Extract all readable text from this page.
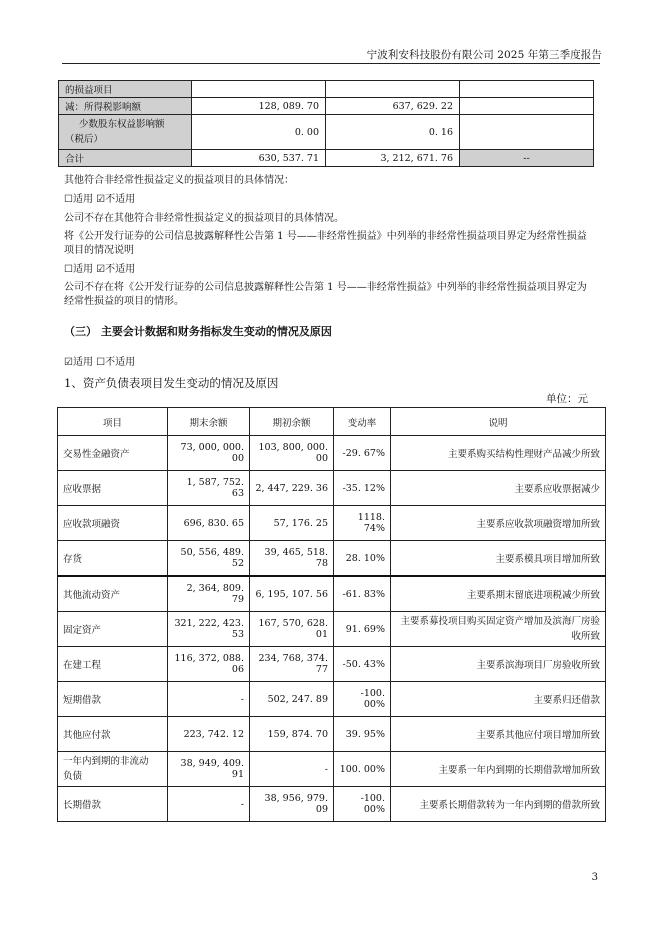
宁波利安科技股份有限公司 2025 年第三季度报告
的损益项目			
减：所得税影响额	128, 089. 70	637, 629. 22	

少数股东权益影响额
（税后）	0. 00	0. 16	
合计	630, 537. 71	3, 212, 671. 76	--
其他符合非经常性损益定义的损益项目的具体情况：
☐适用 ☑不适用
公司不存在其他符合非经常性损益定义的损益项目的具体情况。
将《公开发行证券的公司信息披露解释性公告第 1 号——非经常性损益》中列举的非经常性损益项目界定为经常性损益
项目的情况说明
☐适用 ☑不适用
公司不存在将《公开发行证券的公司信息披露解释性公告第 1 号——非经常性损益》中列举的非经常性损益项目界定为
经常性损益的项目的情形。
（三） 主要会计数据和财务指标发生变动的情况及原因
☑适用 ☐不适用
1、资产负债表项目发生变动的情况及原因
单位：元
项目	期末余额	期初余额	变动率	说明
交易性金融资产	73, 000, 000. 00	103, 800, 000. 00	-29. 67%	主要系购买结构性理财产品减少所致
应收票据	1, 587, 752. 63	2, 447, 229. 36	-35. 12%	主要系应收票据减少
应收款项融资	696, 830. 65	57, 176. 25	1118. 74%	主要系应收款项融资增加所致
存货	50, 556, 489. 52	39, 465, 518. 78	28. 10%	主要系模具项目增加所致
其他流动资产	2, 364, 809. 79	6, 195, 107. 56	-61. 83%	主要系期末留底进项税减少所致
固定资产	321, 222, 423. 53	167, 570, 628. 01	91. 69%	主要系募投项目购买固定资产增加及滨海厂房验
收所致

在建工程	116, 372, 088. 06	234, 768, 374. 77	-50. 43%	主要系滨海项目厂房验收所致
短期借款	-	502, 247. 89	-100. 00%	主要系归还借款
其他应付款	223, 742. 12	159, 874. 70	39. 95%	主要系其他应付项目增加所致

一年内到期的非流动
负债	38, 949, 409. 91	-	100. 00%	主要系一年内到期的长期借款增加所致
长期借款	-	38, 956, 979. 09	-100. 00%	主要系长期借款转为一年内到期的借款所致
3
